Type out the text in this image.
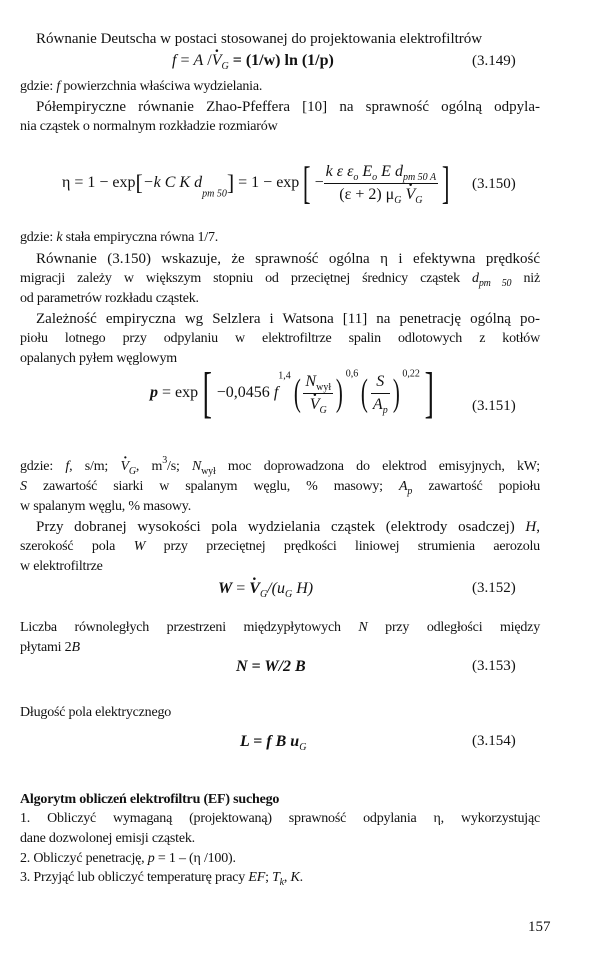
Równanie Deutscha w postaci stosowanej do projektowania elektrofiltrów
$f = A /\cdot V_G = (1/w)$ ln (1/p)	(3.149)
gdzie: f powierzchnia właściwa wydzielania.
Półempiryczne równanie Zhao-Pfeffera [10] na sprawność ogólną odpyla-
nia cząstek o normalnym rozkładzie rozmiarów
η = 1 − exp[−k C K $d_{pm 50}] = 1 - \exp[ - \frac{k \varepsilon \varepsilon_o E_o E d_{pm 50 A}}{(\varepsilon + 2) \mu_G \cdot V_G}$ ] (3.150)
gdzie: k stała empiryczna równa 1/7.
Równanie (3.150) wskazuje, że sprawność ogólna η i efektywna prędkość
migracji zależy w większym stopniu od przeciętnej średnicy cząstek $d_{pm 50}$ niż
od parametrów rozkładu cząstek.
Zależność empiryczna wg Selzlera i Watsona [11] na penetrację ogólną po-
piołu lotnego przy odpylaniu w elektrofiltrze spalin odlotowych z kotłów
opalanych pyłem węglowym
p = exp[ −0,0456 $f^{1,4}$( $N_{wył}$
· $V_G$ ) $^{0,6}( \frac{S}{A_p}$ ) $^{0,22}$]	(3.151)
gdzie: f, s/m; · $V_G$, $m^3/s$; $N_{wył}$ moc doprowadzona do elektrod emisyjnych, kW;
S zawartość siarki w spalanym węglu, % masowy; $A_p$ zawartość popiołu
w spalanym węglu, % masowy.
Przy dobranej wysokości pola wydzielania cząstek (elektrody osadczej) H,
szerokość pola W przy przeciętnej prędkości liniowej strumienia aerozolu
w elektrofiltrze
W = · $V_G/(u_G$ H)	(3.152)
Liczba równoległych przestrzeni międzypłytowych N przy odległości między
płytami 2B
N = W/2 B	(3.153)
Długość pola elektrycznego
L = f B $u_G$	(3.154)
Algorytm obliczeń elektrofiltru (EF) suchego
1. Obliczyć wymaganą (projektowaną) sprawność odpylania η, wykorzystując
dane dozwolonej emisji cząstek.
2. Obliczyć penetrację, p = 1 – (η /100).
3. Przyjąć lub obliczyć temperaturę pracy EF; $T_k$, K.
157
